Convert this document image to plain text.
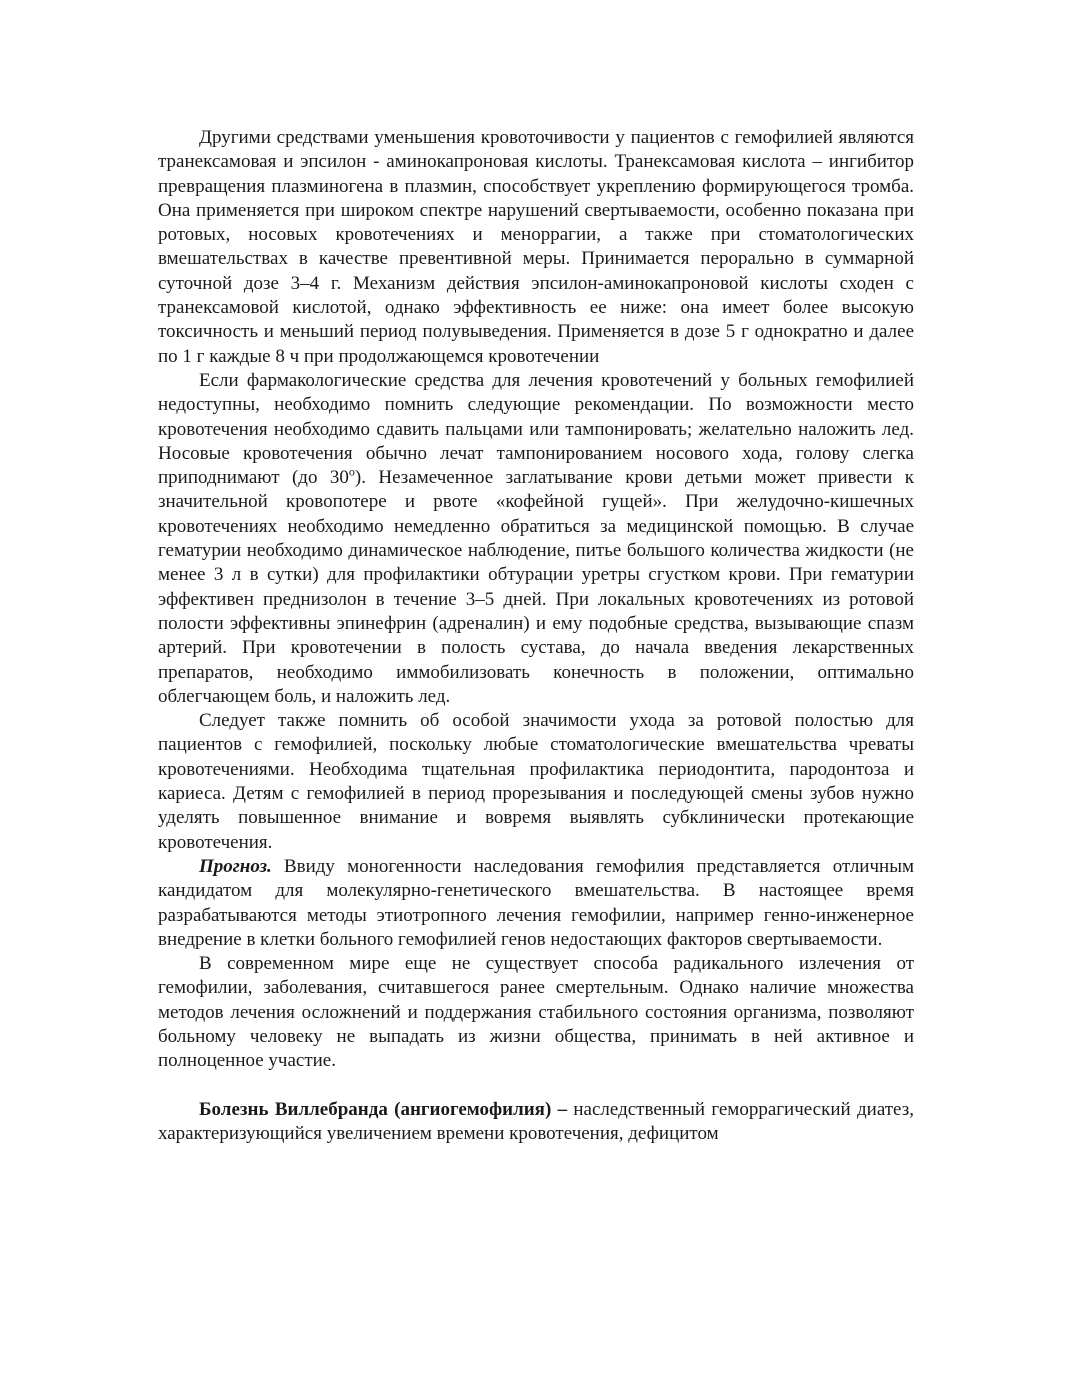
Другими средствами уменьшения кровоточивости у пациентов с гемофилией являются транексамовая и эпсилон - аминокапроновая кислоты. Транексамовая кислота – ингибитор превращения плазминогена в плазмин, способствует укреплению формирующегося тромба. Она применяется при широком спектре нарушений свертываемости, особенно показана при ротовых, носовых кровотечениях и меноррагии, а также при стоматологических вмешательствах в качестве превентивной меры. Принимается перорально в суммарной суточной дозе 3–4 г. Механизм действия эпсилон-аминокапроновой кислоты сходен с транексамовой кислотой, однако эффективность ее ниже: она имеет более высокую токсичность и меньший период полувыведения. Применяется в дозе 5 г однократно и далее по 1 г каждые 8 ч при продолжающемся кровотечении

Если фармакологические средства для лечения кровотечений у больных гемофилией недоступны, необходимо помнить следующие рекомендации. По возможности место кровотечения необходимо сдавить пальцами или тампонировать; желательно наложить лед. Носовые кровотечения обычно лечат тампонированием носового хода, голову слегка приподнимают (до 30$^o$). Незамеченное заглатывание крови детьми может привести к значительной кровопотере и рвоте «кофейной гущей». При желудочно-кишечных кровотечениях необходимо немедленно обратиться за медицинской помощью. В случае гематурии необходимо динамическое наблюдение, питье большого количества жидкости (не менее 3 л в сутки) для профилактики обтурации уретры сгустком крови. При гематурии эффективен преднизолон в течение 3–5 дней. При локальных кровотечениях из ротовой полости эффективны эпинефрин (адреналин) и ему подобные средства, вызывающие спазм артерий. При кровотечении в полость сустава, до начала введения лекарственных препаратов, необходимо иммобилизовать конечность в положении, оптимально облегчающем боль, и наложить лед.

Следует также помнить об особой значимости ухода за ротовой полостью для пациентов с гемофилией, поскольку любые стоматологические вмешательства чреваты кровотечениями. Необходима тщательная профилактика периодонтита, пародонтоза и кариеса. Детям с гемофилией в период прорезывания и последующей смены зубов нужно уделять повышенное внимание и вовремя выявлять субклинически протекающие кровотечения.

Прогноз. Ввиду моногенности наследования гемофилия представляется отличным кандидатом для молекулярно-генетического вмешательства. В настоящее время разрабатываются методы этиотропного лечения гемофилии, например генно-инженерное внедрение в клетки больного гемофилией генов недостающих факторов свертываемости.

В современном мире еще не существует способа радикального излечения от гемофилии, заболевания, считавшегося ранее смертельным. Однако наличие множества методов лечения осложнений и поддержания стабильного состояния организма, позволяют больному человеку не выпадать из жизни общества, принимать в ней активное и полноценное участие.

Болезнь Виллебранда (ангиогемофилия) – наследственный геморрагический диатез, характеризующийся увеличением времени кровотечения, дефицитом
